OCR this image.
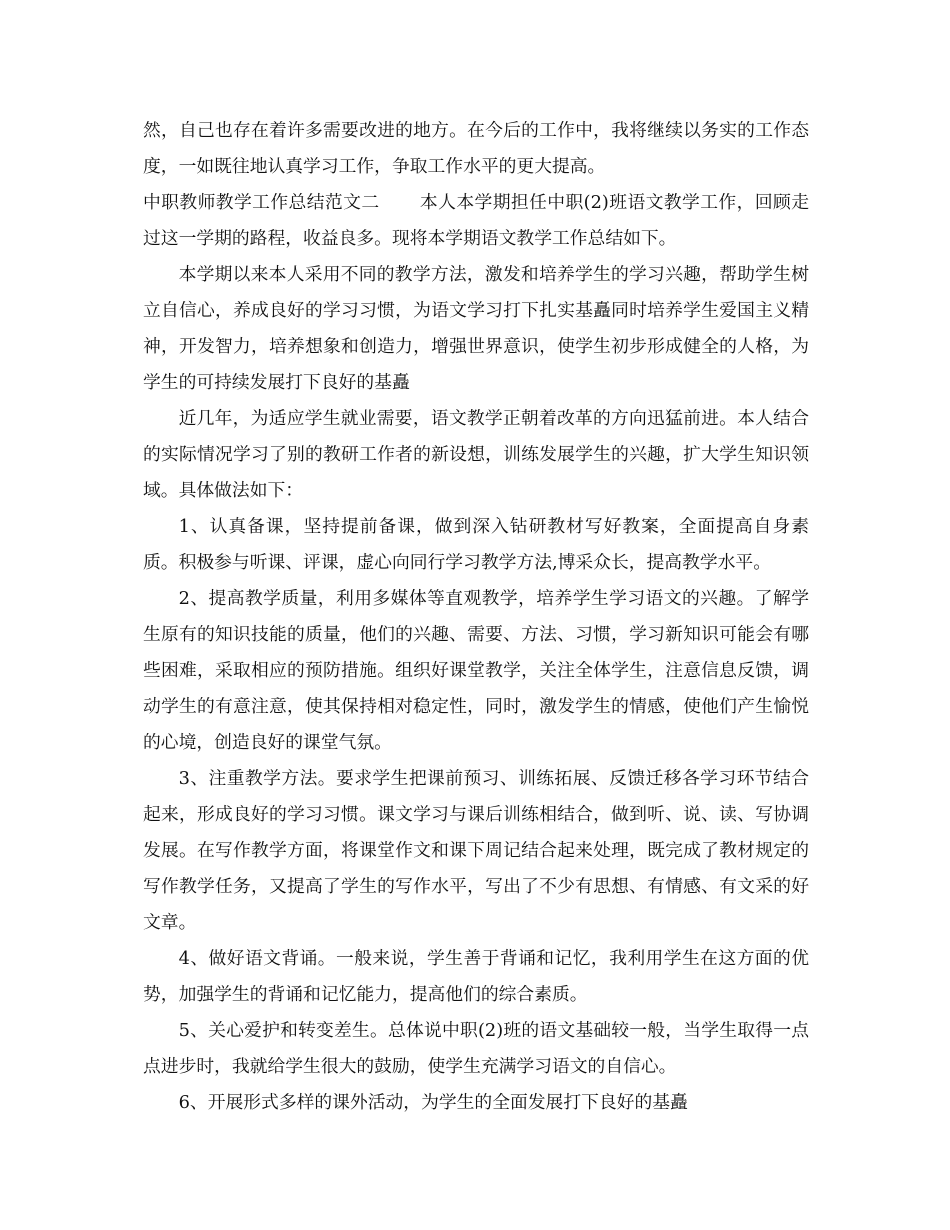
然，自己也存在着许多需要改进的地方。在今后的工作中，我将继续以务实的工作态度，一如既往地认真学习工作，争取工作水平的更大提高。

中职教师教学工作总结范文二 本人本学期担任中职(2)班语文教学工作，回顾走过这一学期的路程，收益良多。现将本学期语文教学工作总结如下。

本学期以来本人采用不同的教学方法，激发和培养学生的学习兴趣，帮助学生树立自信心，养成良好的学习习惯，为语文学习打下扎实基矗同时培养学生爱国主义精神，开发智力，培养想象和创造力，增强世界意识，使学生初步形成健全的人格，为学生的可持续发展打下良好的基矗

近几年，为适应学生就业需要，语文教学正朝着改革的方向迅猛前进。本人结合的实际情况学习了别的教研工作者的新设想，训练发展学生的兴趣，扩大学生知识领域。具体做法如下：

1、认真备课，坚持提前备课，做到深入钻研教材写好教案，全面提高自身素质。积极参与听课、评课，虚心向同行学习教学方法,博采众长，提高教学水平。

2、提高教学质量，利用多媒体等直观教学，培养学生学习语文的兴趣。了解学生原有的知识技能的质量，他们的兴趣、需要、方法、习惯，学习新知识可能会有哪些困难，采取相应的预防措施。组织好课堂教学，关注全体学生，注意信息反馈，调动学生的有意注意，使其保持相对稳定性，同时，激发学生的情感，使他们产生愉悦的心境，创造良好的课堂气氛。

3、注重教学方法。要求学生把课前预习、训练拓展、反馈迁移各学习环节结合起来，形成良好的学习习惯。课文学习与课后训练相结合，做到听、说、读、写协调发展。在写作教学方面，将课堂作文和课下周记结合起来处理，既完成了教材规定的写作教学任务，又提高了学生的写作水平，写出了不少有思想、有情感、有文采的好文章。

4、做好语文背诵。一般来说，学生善于背诵和记忆，我利用学生在这方面的优势，加强学生的背诵和记忆能力，提高他们的综合素质。

5、关心爱护和转变差生。总体说中职(2)班的语文基础较一般，当学生取得一点点进步时，我就给学生很大的鼓励，使学生充满学习语文的自信心。

6、开展形式多样的课外活动，为学生的全面发展打下良好的基矗
